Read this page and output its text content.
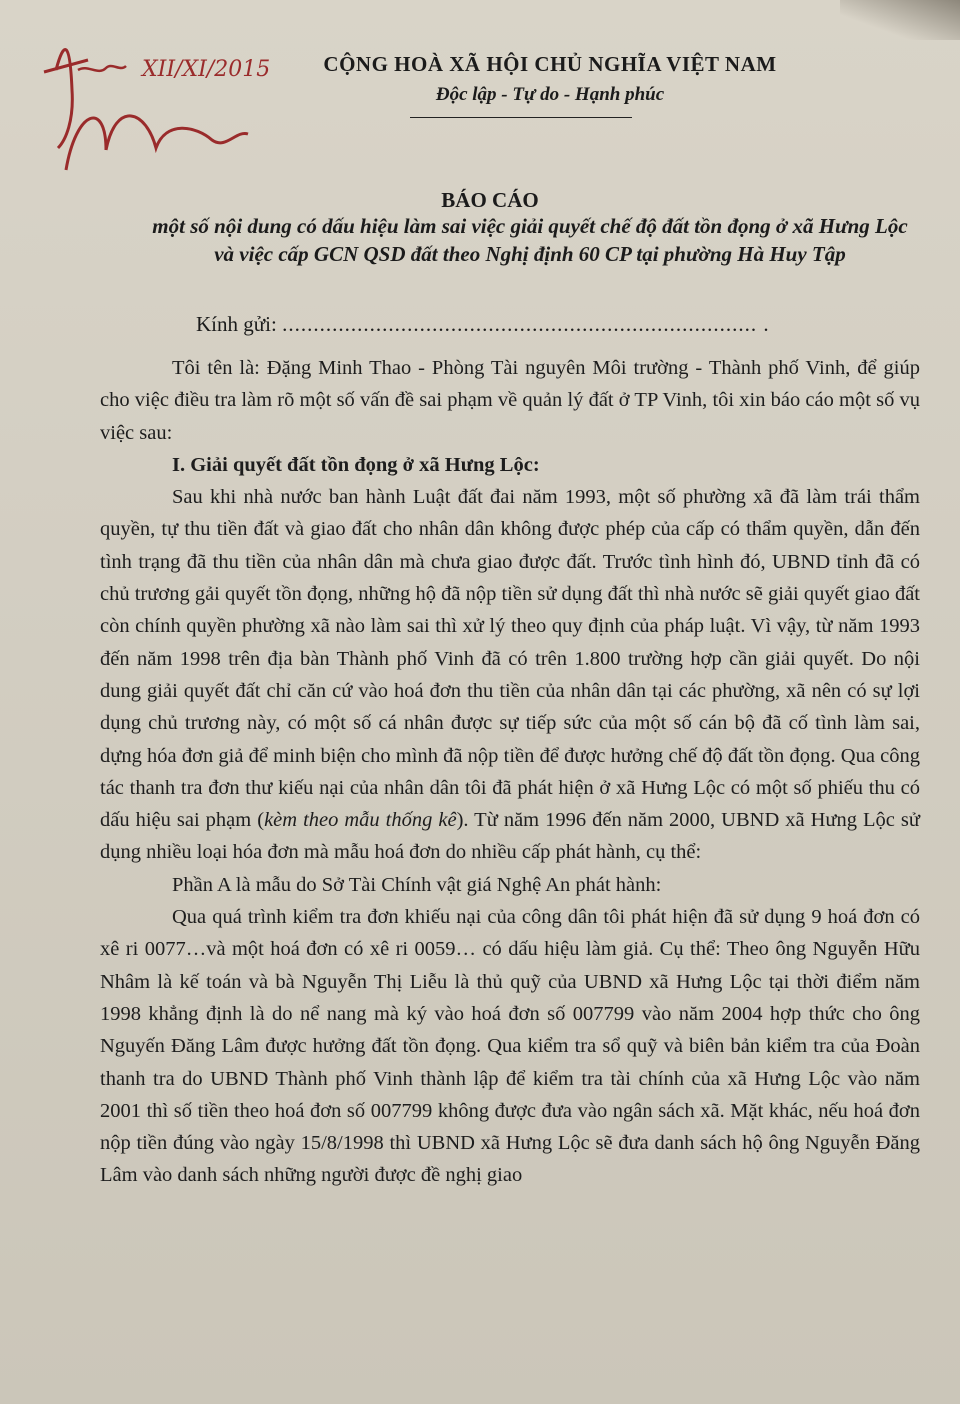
XII/XI/2015	CỘNG HOÀ XÃ HỘI CHỦ NGHĨA VIỆT NAM
Độc lập - Tự do - Hạnh phúc
BÁO CÁO
một số nội dung có dấu hiệu làm sai việc giải quyết chế độ đất tồn đọng ở xã Hưng Lộc và việc cấp GCN QSD đất theo Nghị định 60 CP tại phường Hà Huy Tập
Kính gửi: ............................................................................ .

Tôi tên là: Đặng Minh Thao - Phòng Tài nguyên Môi trường - Thành phố Vinh, để giúp cho việc điều tra làm rõ một số vấn đề sai phạm về quản lý đất ở TP Vinh, tôi xin báo cáo một số vụ việc sau:

I. Giải quyết đất tồn đọng ở xã Hưng Lộc:

Sau khi nhà nước ban hành Luật đất đai năm 1993, một số phường xã đã làm trái thẩm quyền, tự thu tiền đất và giao đất cho nhân dân không được phép của cấp có thẩm quyền, dẫn đến tình trạng đã thu tiền của nhân dân mà chưa giao được đất. Trước tình hình đó, UBND tỉnh đã có chủ trương gải quyết tồn đọng, những hộ đã nộp tiền sử dụng đất thì nhà nước sẽ giải quyết giao đất còn chính quyền phường xã nào làm sai thì xử lý theo quy định của pháp luật. Vì vậy, từ năm 1993 đến năm 1998 trên địa bàn Thành phố Vinh đã có trên 1.800 trường hợp cần giải quyết. Do nội dung giải quyết đất chỉ căn cứ vào hoá đơn thu tiền của nhân dân tại các phường, xã nên có sự lợi dụng chủ trương này, có một số cá nhân được sự tiếp sức của một số cán bộ đã cố tình làm sai, dựng hóa đơn giả để minh biện cho mình đã nộp tiền để được hưởng chế độ đất tồn đọng. Qua công tác thanh tra đơn thư kiếu nại của nhân dân tôi đã phát hiện ở xã Hưng Lộc có một số phiếu thu có dấu hiệu sai phạm (kèm theo mẫu thống kê). Từ năm 1996 đến năm 2000, UBND xã Hưng Lộc sử dụng nhiều loại hóa đơn mà mẫu hoá đơn do nhiều cấp phát hành, cụ thể:

Phần A là mẫu do Sở Tài Chính vật giá Nghệ An phát hành:

Qua quá trình kiểm tra đơn khiếu nại của công dân tôi phát hiện đã sử dụng 9 hoá đơn có xê ri 0077…và một hoá đơn có xê ri 0059… có dấu hiệu làm giả. Cụ thể: Theo ông Nguyễn Hữu Nhâm là kế toán và bà Nguyễn Thị Liễu là thủ quỹ của UBND xã Hưng Lộc tại thời điểm năm 1998 khẳng định là do nể nang mà ký vào hoá đơn số 007799 vào năm 2004 hợp thức cho ông Nguyến Đăng Lâm được hưởng đất tồn đọng. Qua kiểm tra sổ quỹ và biên bản kiểm tra của Đoàn thanh tra do UBND Thành phố Vinh thành lập để kiểm tra tài chính của xã Hưng Lộc vào năm 2001 thì số tiền theo hoá đơn số 007799 không được đưa vào ngân sách xã. Mặt khác, nếu hoá đơn nộp tiền đúng vào ngày 15/8/1998 thì UBND xã Hưng Lộc sẽ đưa danh sách hộ ông Nguyễn Đăng Lâm vào danh sách những người được đề nghị giao
